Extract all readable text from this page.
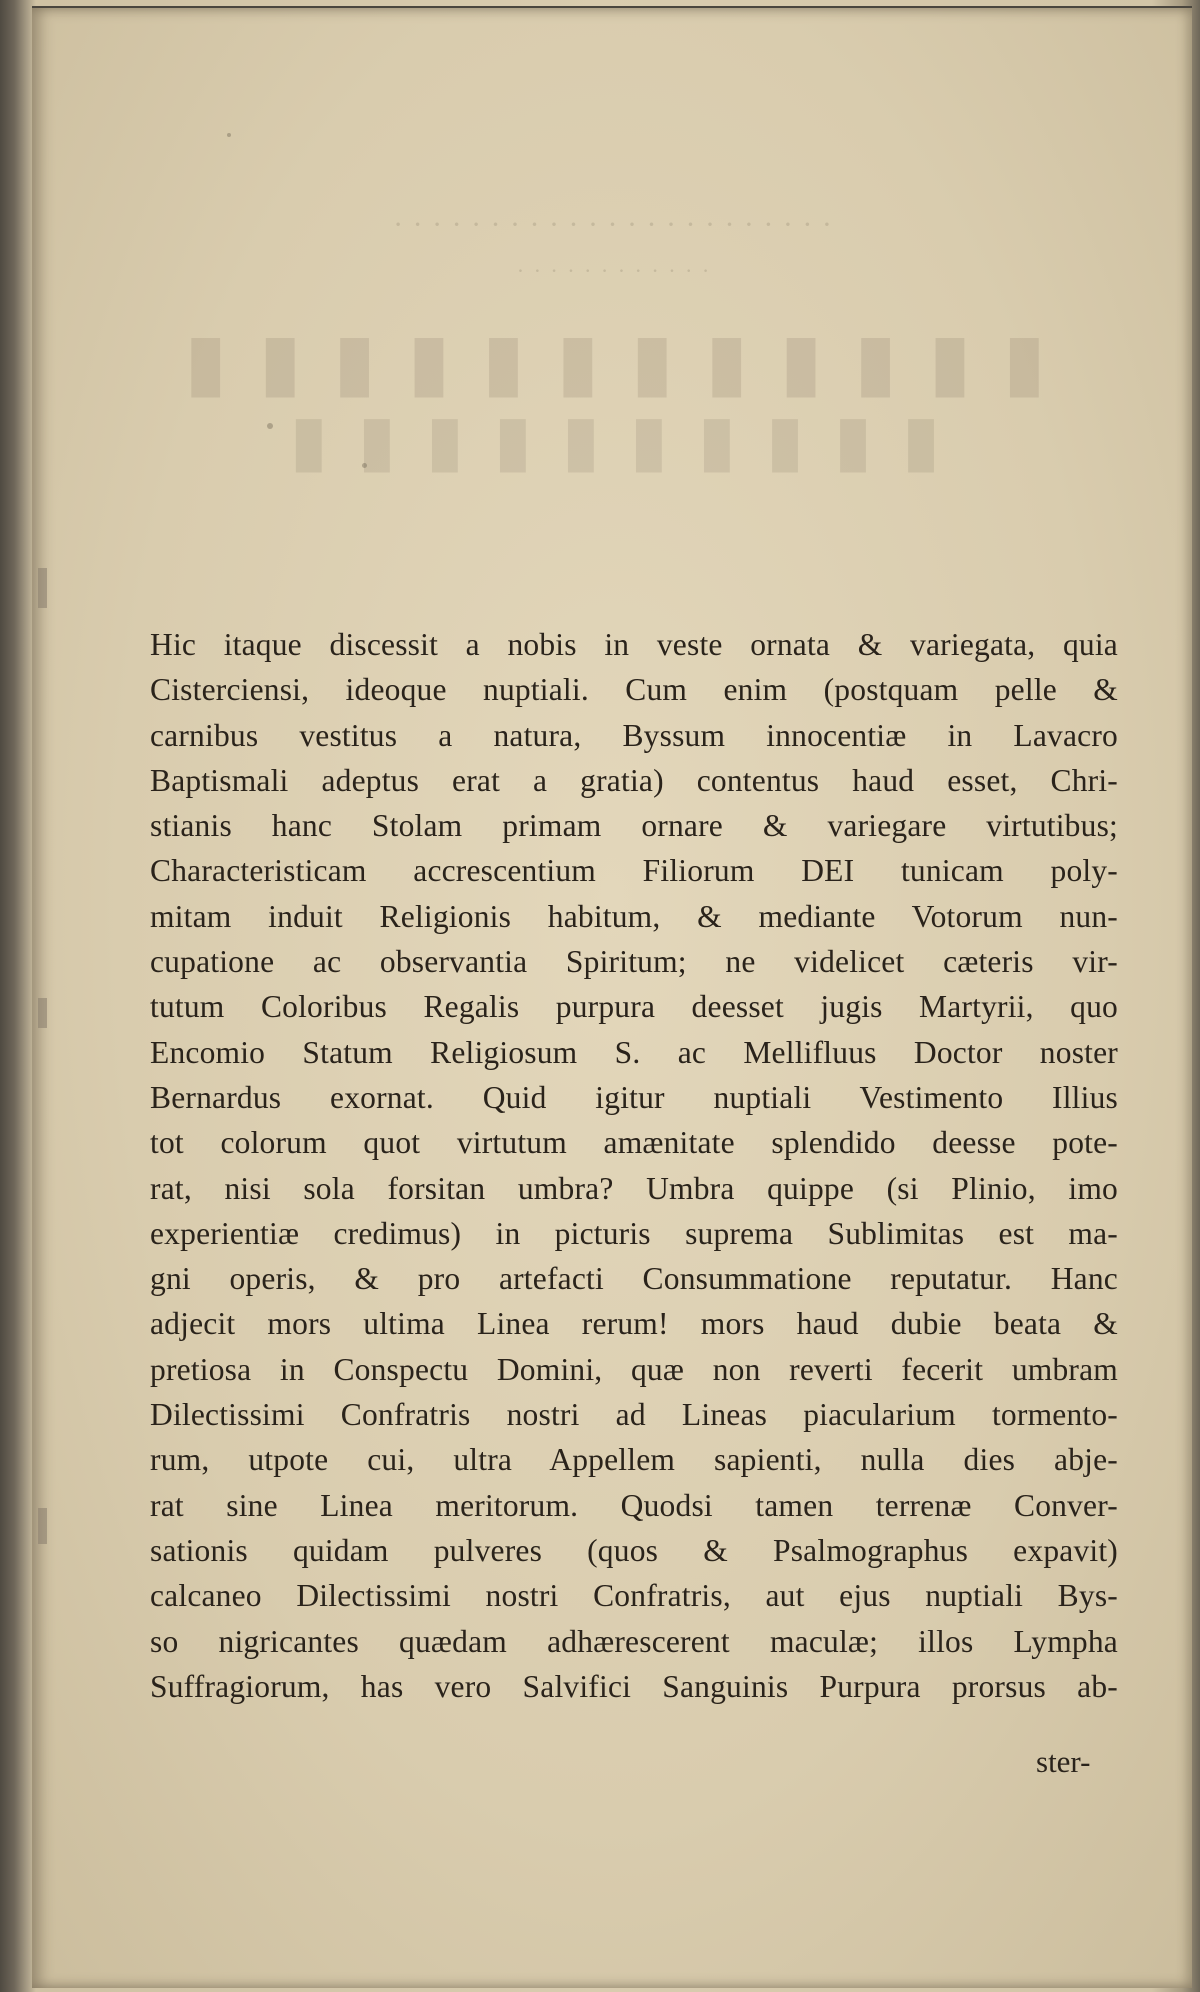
· · · · · · · · · · · · · · · · · · · · · · ·
· · · · · · · · · · · ·
▮ ▮ ▮ ▮ ▮ ▮ ▮ ▮ ▮ ▮ ▮ ▮
▮ ▮ ▮ ▮ ▮ ▮ ▮ ▮ ▮ ▮
Hic itaque discessit a nobis in veste ornata & variegata, quia
Cisterciensi, ideoque nuptiali. Cum enim (postquam pelle &
carnibus vestitus a natura, Byssum innocentiæ in Lavacro
Baptismali adeptus erat a gratia) contentus haud esset, Chri-
stianis hanc Stolam primam ornare & variegare virtutibus;
Characteristicam accrescentium Filiorum DEI tunicam poly-
mitam induit Religionis habitum, & mediante Votorum nun-
cupatione ac observantia Spiritum; ne videlicet cæteris vir-
tutum Coloribus Regalis purpura deesset jugis Martyrii, quo
Encomio Statum Religiosum S. ac Mellifluus Doctor noster
Bernardus exornat. Quid igitur nuptiali Vestimento Illius
tot colorum quot virtutum amænitate splendido deesse pote-
rat, nisi sola forsitan umbra? Umbra quippe (si Plinio, imo
experientiæ credimus) in picturis suprema Sublimitas est ma-
gni operis, & pro artefacti Consummatione reputatur. Hanc
adjecit mors ultima Linea rerum! mors haud dubie beata &
pretiosa in Conspectu Domini, quæ non reverti fecerit umbram
Dilectissimi Confratris nostri ad Lineas piacularium tormento-
rum, utpote cui, ultra Appellem sapienti, nulla dies abje-
rat sine Linea meritorum. Quodsi tamen terrenæ Conver-
sationis quidam pulveres (quos & Psalmographus expavit)
calcaneo Dilectissimi nostri Confratris, aut ejus nuptiali Bys-
so nigricantes quædam adhærescerent maculæ; illos Lympha
Suffragiorum, has vero Salvifici Sanguinis Purpura prorsus ab-
ster-
